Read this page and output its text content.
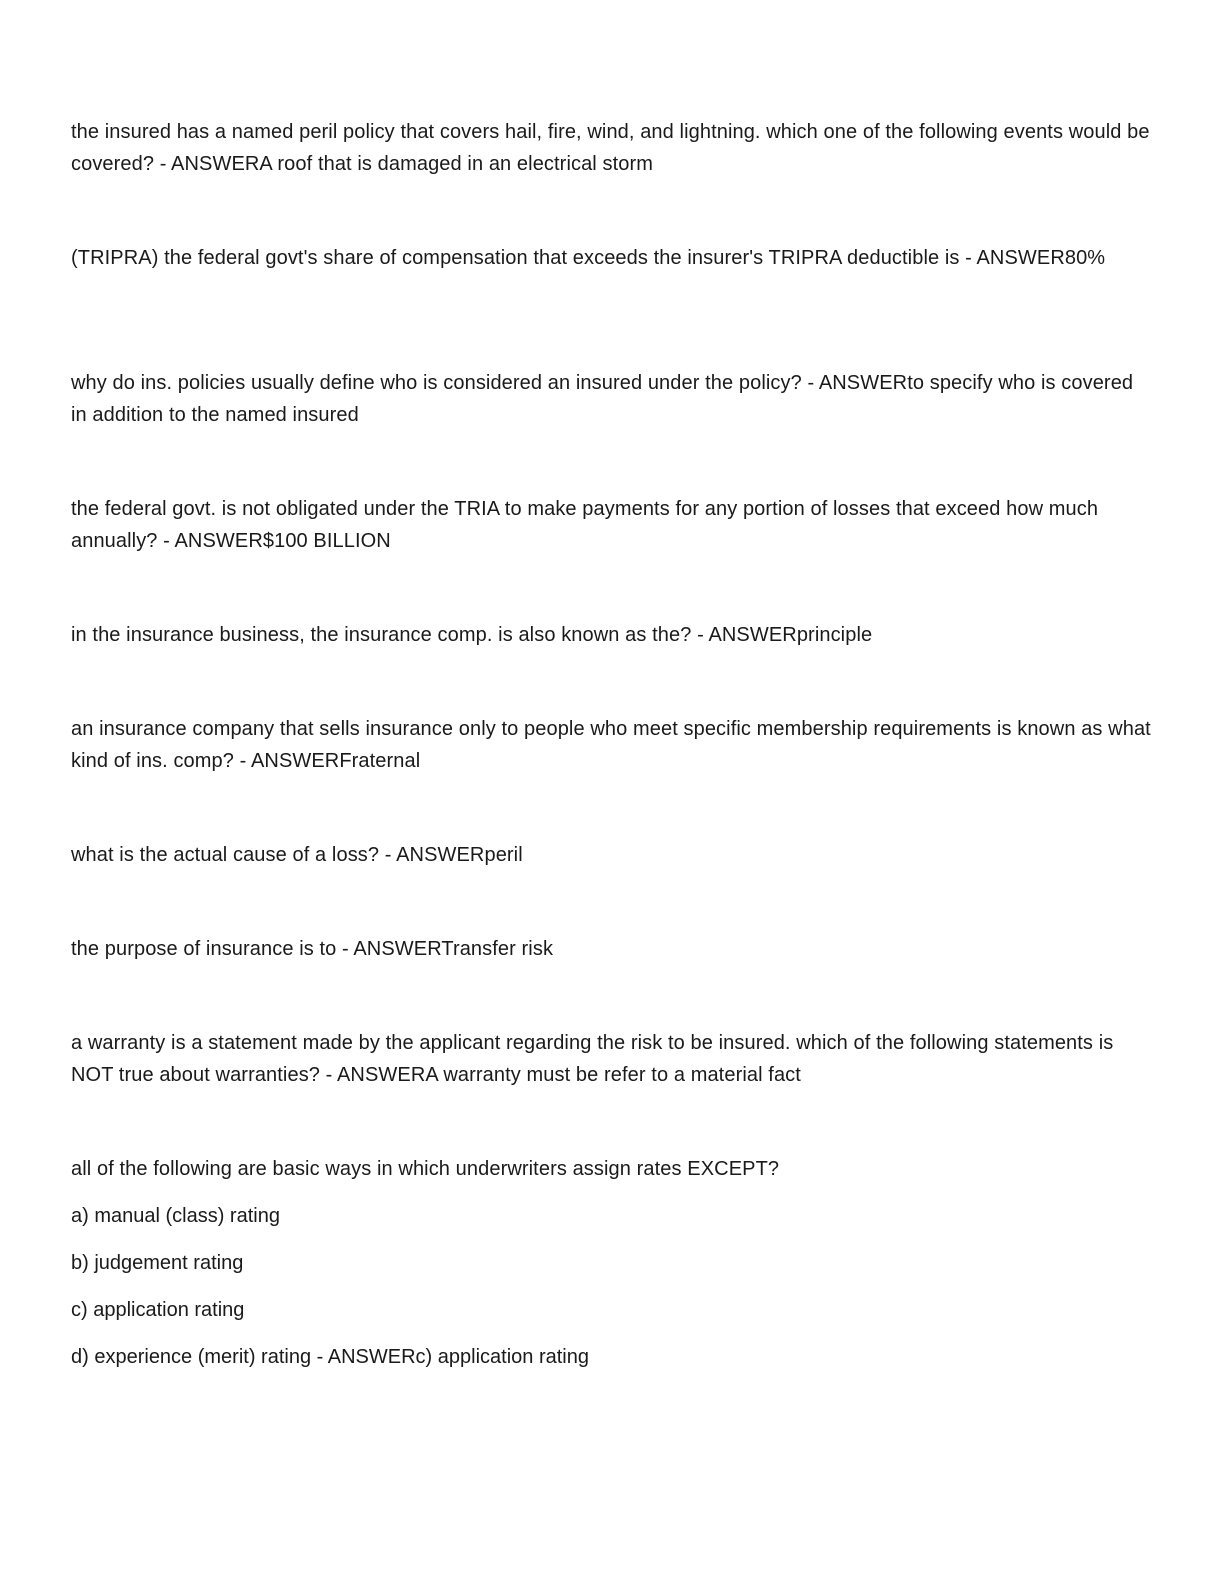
the insured has a named peril policy that covers hail, fire, wind, and lightning. which one of the following events would be covered? - ANSWERA roof that is damaged in an electrical storm

(TRIPRA) the federal govt's share of compensation that exceeds the insurer's TRIPRA deductible is - ANSWER80%

why do ins. policies usually define who is considered an insured under the policy? - ANSWERto specify who is covered in addition to the named insured

the federal govt. is not obligated under the TRIA to make payments for any portion of losses that exceed how much annually? - ANSWER$100 BILLION

in the insurance business, the insurance comp. is also known as the? - ANSWERprinciple

an insurance company that sells insurance only to people who meet specific membership requirements is known as what kind of ins. comp? - ANSWERFraternal

what is the actual cause of a loss? - ANSWERperil

the purpose of insurance is to - ANSWERTransfer risk

a warranty is a statement made by the applicant regarding the risk to be insured. which of the following statements is NOT true about warranties? - ANSWERA warranty must be refer to a material fact

all of the following are basic ways in which underwriters assign rates EXCEPT?

a) manual (class) rating

b) judgement rating

c) application rating

d) experience (merit) rating - ANSWERc) application rating
